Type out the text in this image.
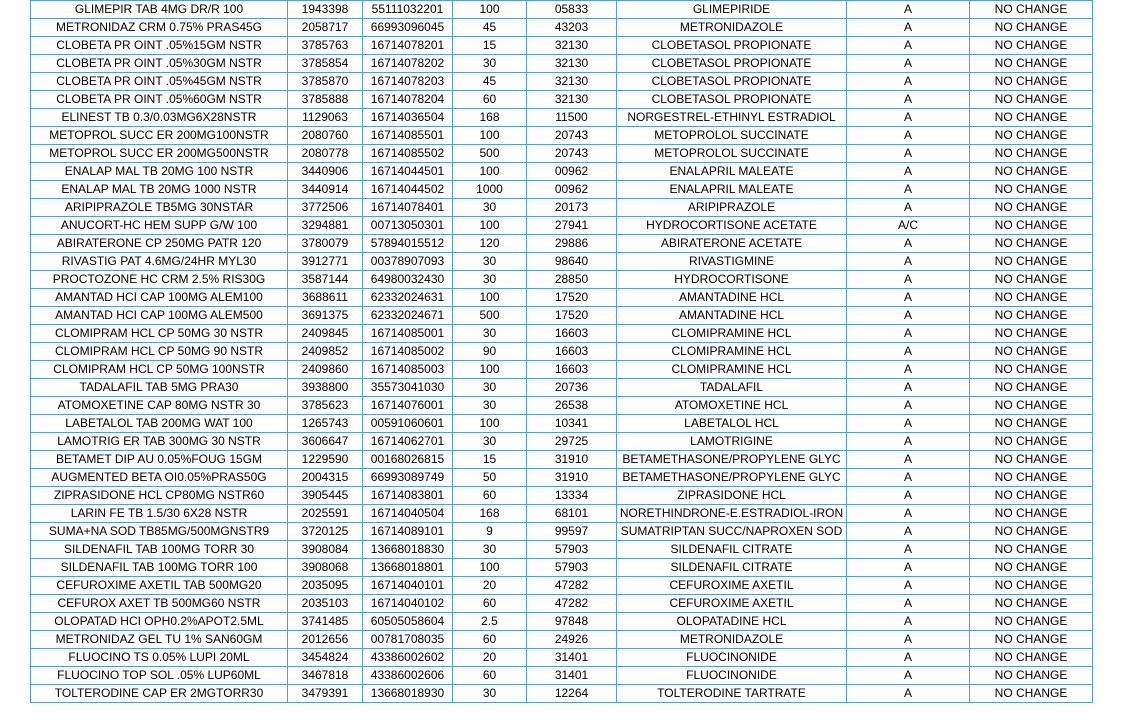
GLIMEPIR TAB 4MG DR/R 100	1943398	55111032201	100	05833	GLIMEPIRIDE	A	NO CHANGE
METRONIDAZ CRM 0.75% PRAS45G	2058717	66993096045	45	43203	METRONIDAZOLE	A	NO CHANGE
CLOBETA PR OINT .05%15GM NSTR	3785763	16714078201	15	32130	CLOBETASOL PROPIONATE	A	NO CHANGE
CLOBETA PR OINT .05%30GM NSTR	3785854	16714078202	30	32130	CLOBETASOL PROPIONATE	A	NO CHANGE
CLOBETA PR OINT .05%45GM NSTR	3785870	16714078203	45	32130	CLOBETASOL PROPIONATE	A	NO CHANGE
CLOBETA PR OINT .05%60GM NSTR	3785888	16714078204	60	32130	CLOBETASOL PROPIONATE	A	NO CHANGE
ELINEST TB 0.3/0.03MG6X28NSTR	1129063	16714036504	168	11500	NORGESTREL-ETHINYL ESTRADIOL	A	NO CHANGE
METOPROL SUCC ER 200MG100NSTR	2080760	16714085501	100	20743	METOPROLOL SUCCINATE	A	NO CHANGE
METOPROL SUCC ER 200MG500NSTR	2080778	16714085502	500	20743	METOPROLOL SUCCINATE	A	NO CHANGE
ENALAP MAL TB 20MG 100 NSTR	3440906	16714044501	100	00962	ENALAPRIL MALEATE	A	NO CHANGE
ENALAP MAL TB 20MG 1000 NSTR	3440914	16714044502	1000	00962	ENALAPRIL MALEATE	A	NO CHANGE
ARIPIPRAZOLE TB5MG 30NSTAR	3772506	16714078401	30	20173	ARIPIPRAZOLE	A	NO CHANGE
ANUCORT-HC HEM SUPP G/W 100	3294881	00713050301	100	27941	HYDROCORTISONE ACETATE	A/C	NO CHANGE
ABIRATERONE CP 250MG PATR 120	3780079	57894015512	120	29886	ABIRATERONE ACETATE	A	NO CHANGE
RIVASTIG PAT 4.6MG/24HR MYL30	3912771	00378907093	30	98640	RIVASTIGMINE	A	NO CHANGE
PROCTOZONE HC CRM 2.5% RIS30G	3587144	64980032430	30	28850	HYDROCORTISONE	A	NO CHANGE
AMANTAD HCI CAP 100MG ALEM100	3688611	62332024631	100	17520	AMANTADINE HCL	A	NO CHANGE
AMANTAD HCI CAP 100MG ALEM500	3691375	62332024671	500	17520	AMANTADINE HCL	A	NO CHANGE
CLOMIPRAM HCL CP 50MG 30 NSTR	2409845	16714085001	30	16603	CLOMIPRAMINE HCL	A	NO CHANGE
CLOMIPRAM HCL CP 50MG 90 NSTR	2409852	16714085002	90	16603	CLOMIPRAMINE HCL	A	NO CHANGE
CLOMIPRAM HCL CP 50MG 100NSTR	2409860	16714085003	100	16603	CLOMIPRAMINE HCL	A	NO CHANGE
TADALAFIL TAB 5MG PRA30	3938800	35573041030	30	20736	TADALAFIL	A	NO CHANGE
ATOMOXETINE CAP 80MG NSTR 30	3785623	16714076001	30	26538	ATOMOXETINE HCL	A	NO CHANGE
LABETALOL TAB 200MG WAT 100	1265743	00591060601	100	10341	LABETALOL HCL	A	NO CHANGE
LAMOTRIG ER TAB 300MG 30 NSTR	3606647	16714062701	30	29725	LAMOTRIGINE	A	NO CHANGE
BETAMET DIP AU 0.05%FOUG 15GM	1229590	00168026815	15	31910	BETAMETHASONE/PROPYLENE GLYC	A	NO CHANGE
AUGMENTED BETA OI0.05%PRAS50G	2004315	66993089749	50	31910	BETAMETHASONE/PROPYLENE GLYC	A	NO CHANGE
ZIPRASIDONE HCL CP80MG NSTR60	3905445	16714083801	60	13334	ZIPRASIDONE HCL	A	NO CHANGE
LARIN FE TB 1.5/30 6X28 NSTR	2025591	16714040504	168	68101	NORETHINDRONE-E.ESTRADIOL-IRON	A	NO CHANGE
SUMA+NA SOD TB85MG/500MGNSTR9	3720125	16714089101	9	99597	SUMATRIPTAN SUCC/NAPROXEN SOD	A	NO CHANGE
SILDENAFIL TAB 100MG TORR 30	3908084	13668018830	30	57903	SILDENAFIL CITRATE	A	NO CHANGE
SILDENAFIL TAB 100MG TORR 100	3908068	13668018801	100	57903	SILDENAFIL CITRATE	A	NO CHANGE
CEFUROXIME AXETIL TAB 500MG20	2035095	16714040101	20	47282	CEFUROXIME AXETIL	A	NO CHANGE
CEFUROX AXET TB 500MG60 NSTR	2035103	16714040102	60	47282	CEFUROXIME AXETIL	A	NO CHANGE
OLOPATAD HCI OPH0.2%APOT2.5ML	3741485	60505058604	2.5	97848	OLOPATADINE HCL	A	NO CHANGE
METRONIDAZ GEL TU 1% SAN60GM	2012656	00781708035	60	24926	METRONIDAZOLE	A	NO CHANGE
FLUOCINO TS 0.05% LUPI 20ML	3454824	43386002602	20	31401	FLUOCINONIDE	A	NO CHANGE
FLUOCINO TOP SOL .05% LUP60ML	3467818	43386002606	60	31401	FLUOCINONIDE	A	NO CHANGE
TOLTERODINE CAP ER 2MGTORR30	3479391	13668018930	30	12264	TOLTERODINE TARTRATE	A	NO CHANGE
